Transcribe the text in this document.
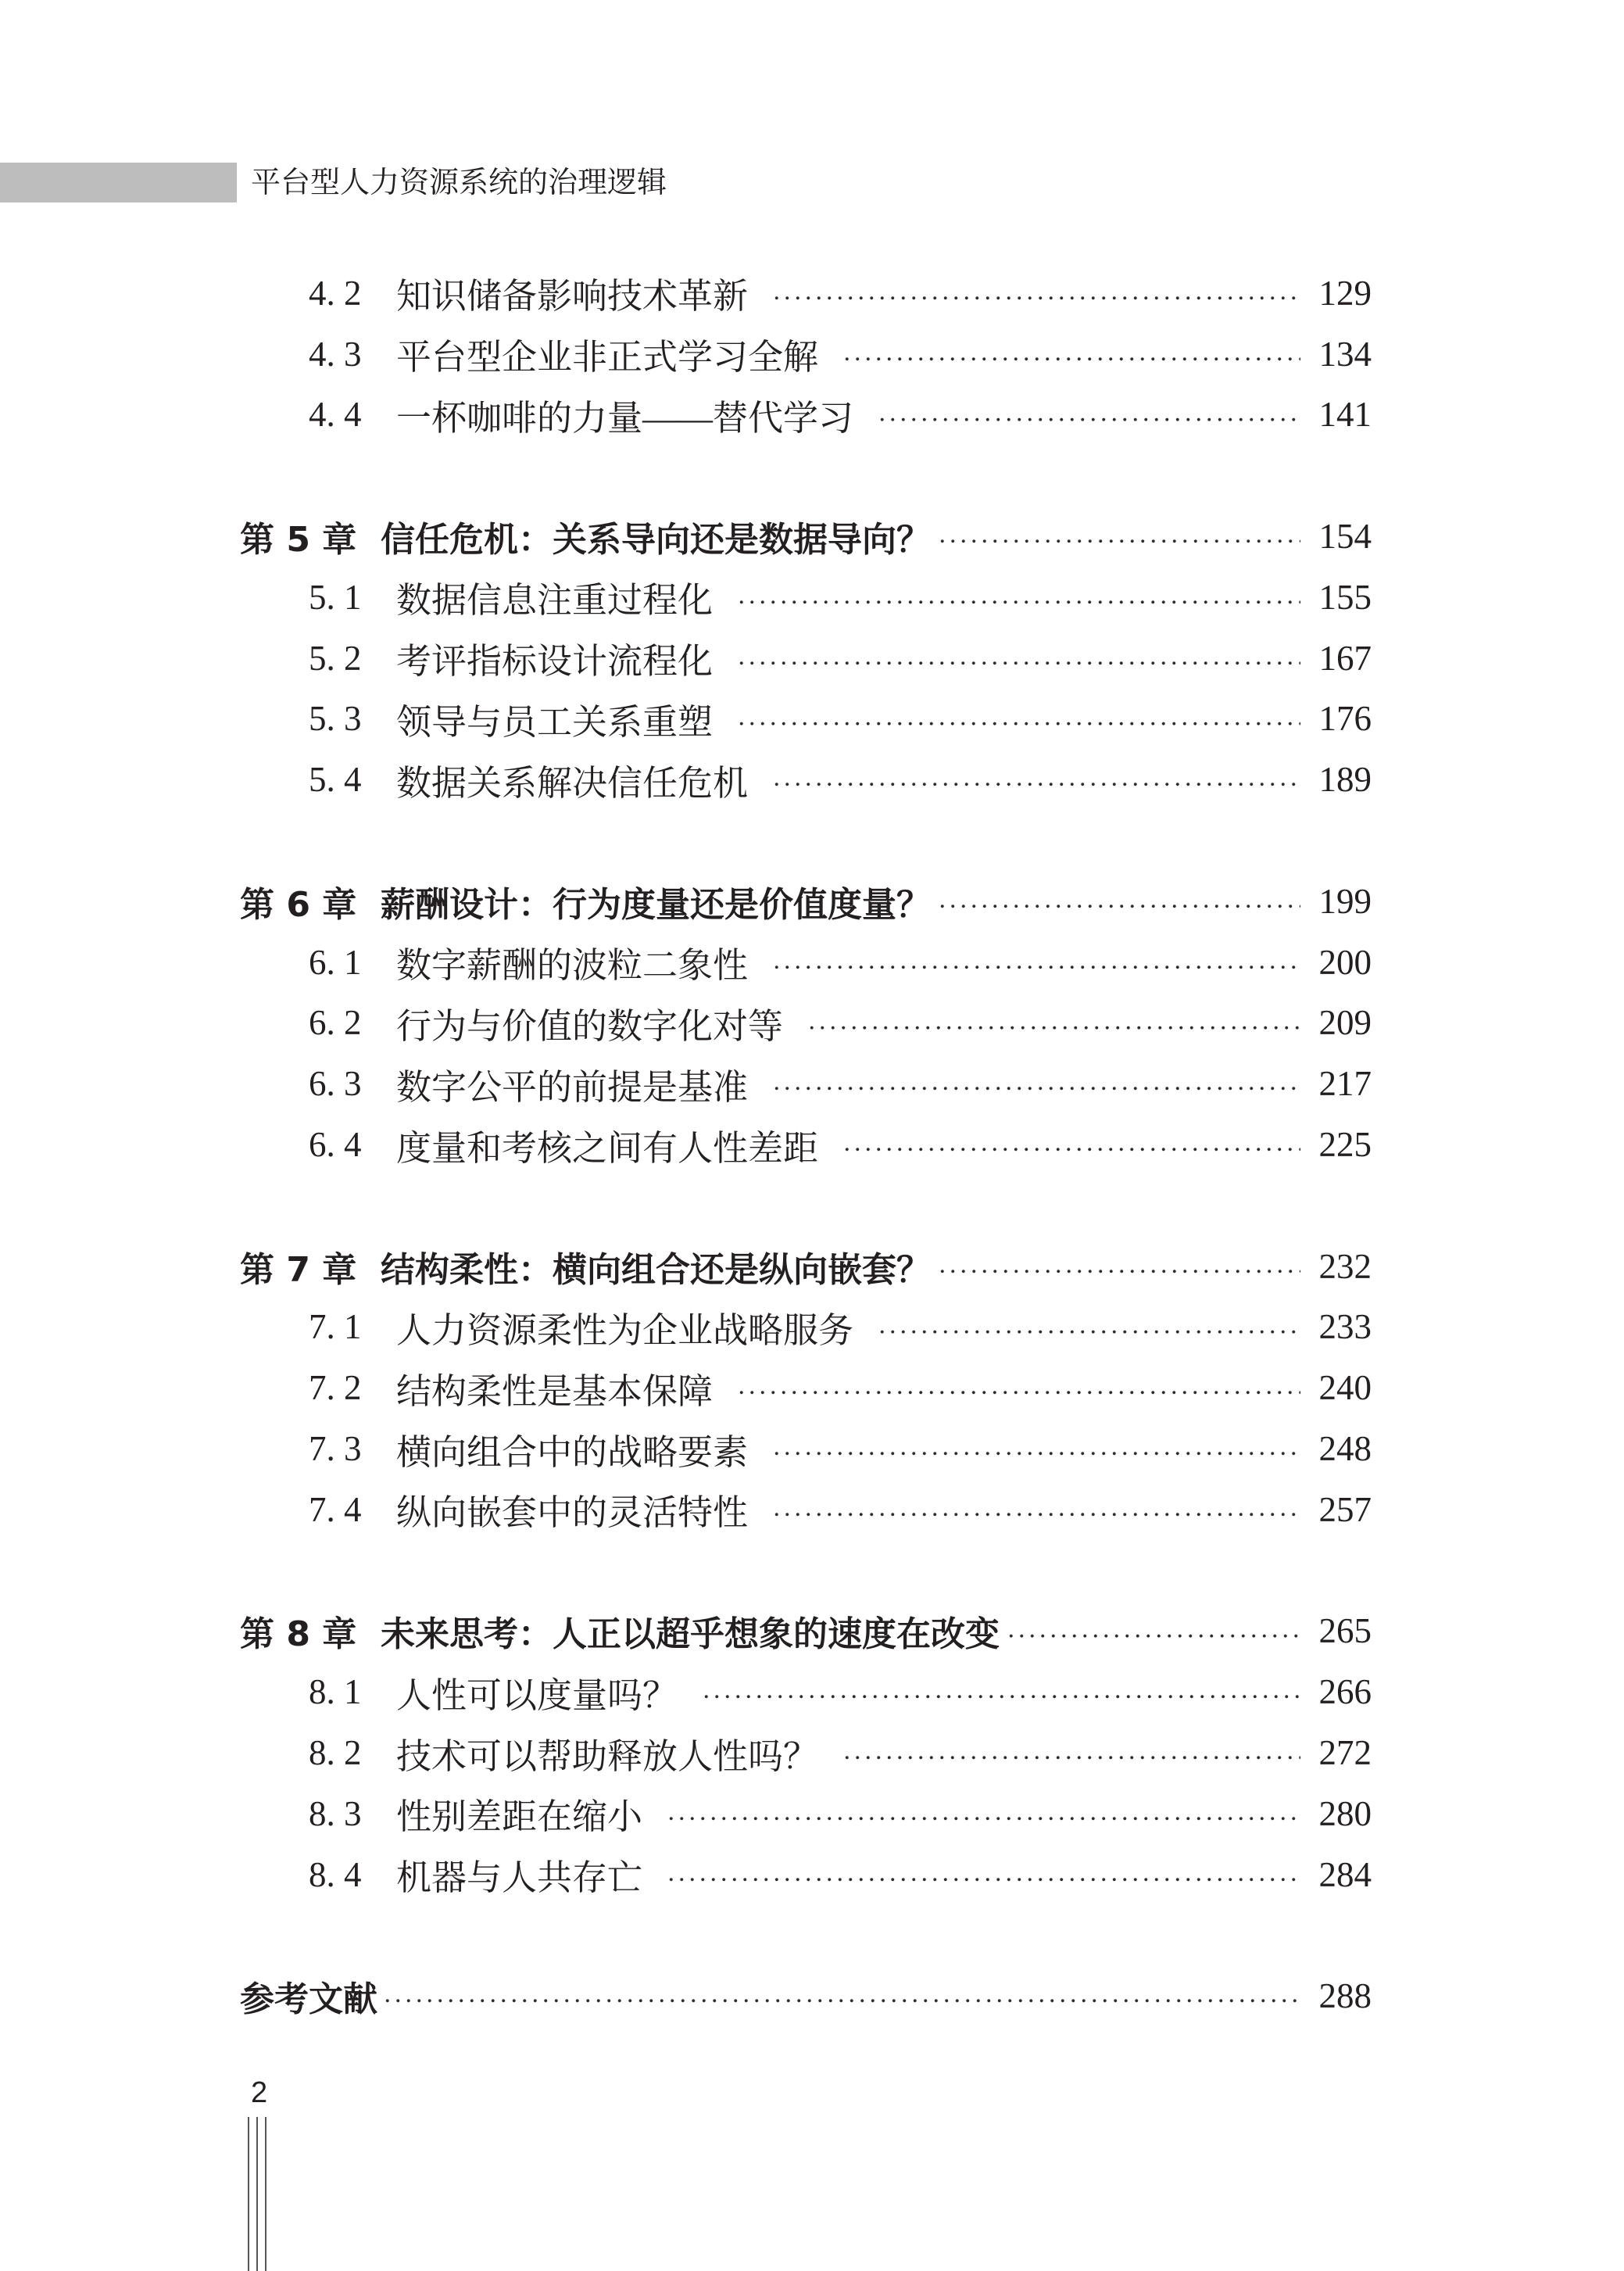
平台型人力资源系统的治理逻辑
4. 2 知识储备影响技术革新	129
4. 3 平台型企业非正式学习全解	134
4. 4 一杯咖啡的力量——替代学习	141
第 5 章 信任危机：关系导向还是数据导向？	154
5. 1 数据信息注重过程化	155
5. 2 考评指标设计流程化	167
5. 3 领导与员工关系重塑	176
5. 4 数据关系解决信任危机	189
第 6 章 薪酬设计：行为度量还是价值度量？	199
6. 1 数字薪酬的波粒二象性	200
6. 2 行为与价值的数字化对等	209
6. 3 数字公平的前提是基准	217
6. 4 度量和考核之间有人性差距	225
第 7 章 结构柔性：横向组合还是纵向嵌套？	232
7. 1 人力资源柔性为企业战略服务	233
7. 2 结构柔性是基本保障	240
7. 3 横向组合中的战略要素	248
7. 4 纵向嵌套中的灵活特性	257
第 8 章 未来思考：人正以超乎想象的速度在改变	265
8. 1 人性可以度量吗？	266
8. 2 技术可以帮助释放人性吗？	272
8. 3 性别差距在缩小	280
8. 4 机器与人共存亡	284
参考文献	288
2
